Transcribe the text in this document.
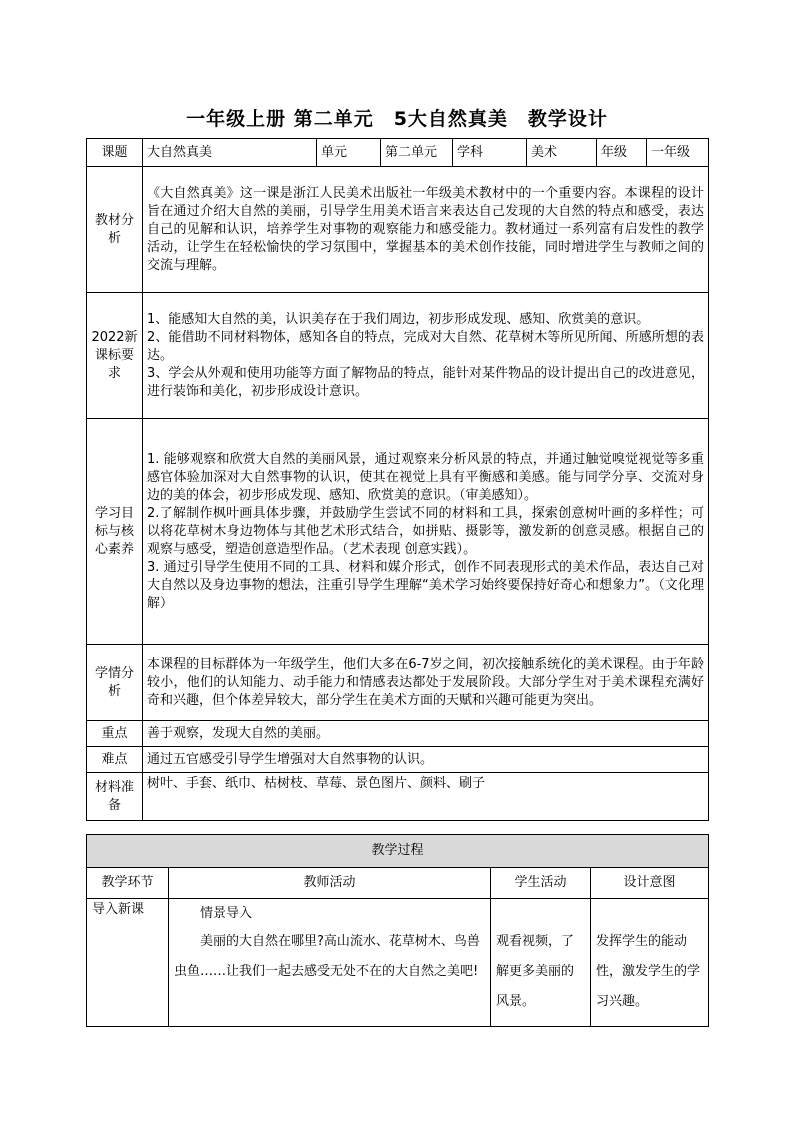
一年级上册 第二单元　5大自然真美　教学设计
课题	大自然真美	单元	第二单元	学科	美术	年级	一年级
教材分析	《大自然真美》这一课是浙江人民美术出版社一年级美术教材中的一个重要内容。本课程的设计旨在通过介绍大自然的美丽，引导学生用美术语言来表达自己发现的大自然的特点和感受，表达自己的见解和认识，培养学生对事物的观察能力和感受能力。教材通过一系列富有启发性的教学活动，让学生在轻松愉快的学习氛围中，掌握基本的美术创作技能，同时增进学生与教师之间的交流与理解。						
2022新课标要求	1、能感知大自然的美，认识美存在于我们周边，初步形成发现、感知、欣赏美的意识。

2、能借助不同材料物体，感知各自的特点，完成对大自然、花草树木等所见所闻、所感所想的表达。

3、学会从外观和使用功能等方面了解物品的特点，能针对某件物品的设计提出自己的改进意见，进行装饰和美化，初步形成设计意识。						

学习目标与核心素养	1. 能够观察和欣赏大自然的美丽风景，通过观察来分析风景的特点，并通过触觉嗅觉视觉等多重感官体验加深对大自然事物的认识，使其在视觉上具有平衡感和美感。能与同学分享、交流对身边的美的体会，初步形成发现、感知、欣赏美的意识。（审美感知）。

2.了解制作枫叶画具体步骤，并鼓励学生尝试不同的材料和工具，探索创意树叶画的多样性；可以将花草树木身边物体与其他艺术形式结合，如拼贴、摄影等，激发新的创意灵感。根据自己的观察与感受，塑造创意造型作品。（艺术表现 创意实践）。

3. 通过引导学生使用不同的工具、材料和媒介形式，创作不同表现形式的美术作品，表达自己对大自然以及身边事物的想法，注重引导学生理解“美术学习始终要保持好奇心和想象力”。（文化理解）						

学情分析	本课程的目标群体为一年级学生，他们大多在6-7岁之间，初次接触系统化的美术课程。由于年龄较小，他们的认知能力、动手能力和情感表达都处于发展阶段。大部分学生对于美术课程充满好奇和兴趣，但个体差异较大，部分学生在美术方面的天赋和兴趣可能更为突出。						
重点	善于观察，发现大自然的美丽。						
难点	通过五官感受引导学生增强对大自然事物的认识。						
材料准备	树叶、手套、纸巾、枯树枝、草莓、景色图片、颜料、刷子						
教学过程			
教学环节	教师活动	学生活动	设计意图
导入新课	情景导入

美丽的大自然在哪里?高山流水、花草树木、鸟兽虫鱼……让我们一起去感受无处不在的大自然之美吧!	观看视频，了解更多美丽的风景。	发挥学生的能动性，激发学生的学习兴趣。
